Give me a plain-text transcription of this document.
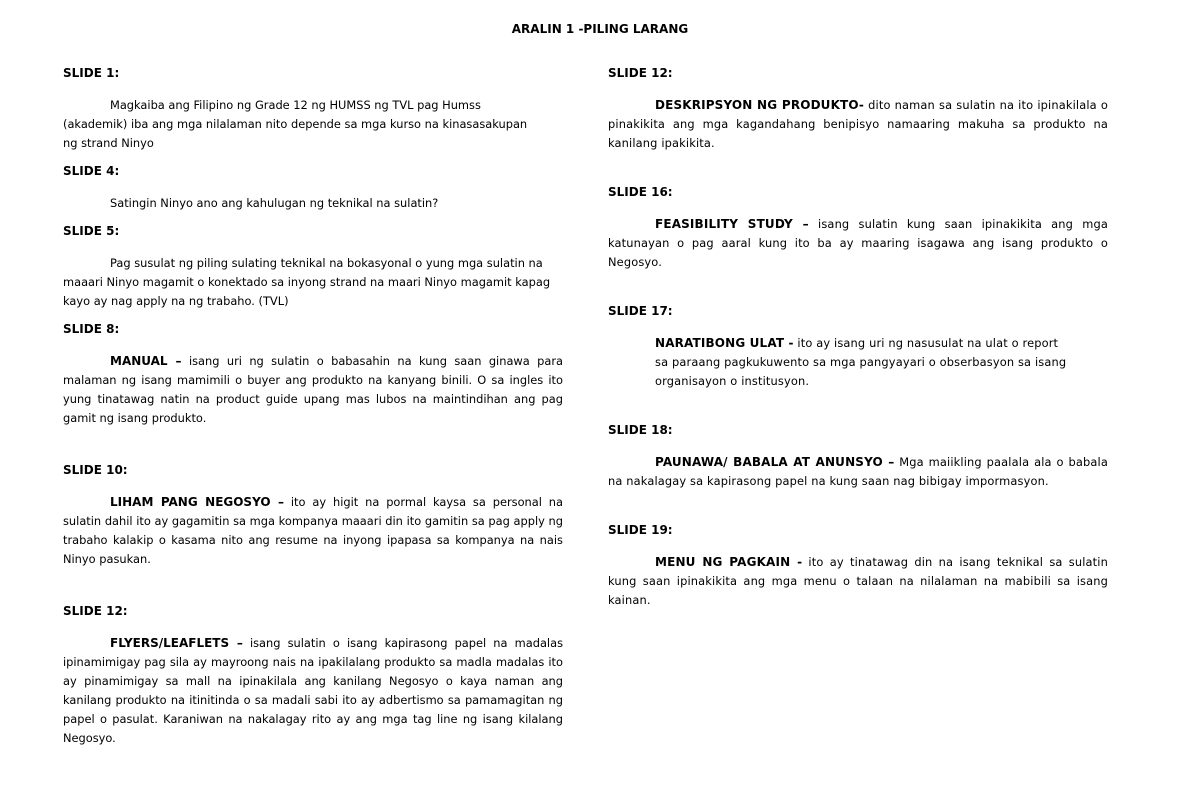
ARALIN 1 -PILING LARANG
SLIDE 1:

Magkaiba ang Filipino ng Grade 12 ng HUMSS ng TVL pag Humss (akademik) iba ang mga nilalaman nito depende sa mga kurso na kinasasakupan ng strand Ninyo

SLIDE 4:

Satingin Ninyo ano ang kahulugan ng teknikal na sulatin?

SLIDE 5:

Pag susulat ng piling sulating teknikal na bokasyonal o yung mga sulatin na maaari Ninyo magamit o konektado sa inyong strand na maari Ninyo magamit kapag kayo ay nag apply na ng trabaho. (TVL)

SLIDE 8:

MANUAL – isang uri ng sulatin o babasahin na kung saan ginawa para malaman ng isang mamimili o buyer ang produkto na kanyang binili. O sa ingles ito yung tinatawag natin na product guide upang mas lubos na maintindihan ang pag gamit ng isang produkto.

SLIDE 10:

LIHAM PANG NEGOSYO – ito ay higit na pormal kaysa sa personal na sulatin dahil ito ay gagamitin sa mga kompanya maaari din ito gamitin sa pag apply ng trabaho kalakip o kasama nito ang resume na inyong ipapasa sa kompanya na nais Ninyo pasukan.

SLIDE 12:

FLYERS/LEAFLETS – isang sulatin o isang kapirasong papel na madalas ipinamimigay pag sila ay mayroong nais na ipakilalang produkto sa madla madalas ito ay pinamimigay sa mall na ipinakilala ang kanilang Negosyo o kaya naman ang kanilang produkto na itinitinda o sa madali sabi ito ay adbertismo sa pamamagitan ng papel o pasulat. Karaniwan na nakalagay rito ay ang mga tag line ng isang kilalang Negosyo.

SLIDE 12:

DESKRIPSYON NG PRODUKTO- dito naman sa sulatin na ito ipinakilala o pinakikita ang mga kagandahang benipisyo namaaring makuha sa produkto na kanilang ipakikita.

SLIDE 16:

FEASIBILITY STUDY – isang sulatin kung saan ipinakikita ang mga katunayan o pag aaral kung ito ba ay maaring isagawa ang isang produkto o Negosyo.

SLIDE 17:

NARATIBONG ULAT - ito ay isang uri ng nasusulat na ulat o report sa paraang pagkukuwento sa mga pangyayari o obserbasyon sa isang organisayon o institusyon.

SLIDE 18:

PAUNAWA/ BABALA AT ANUNSYO – Mga maiikling paalala ala o babala na nakalagay sa kapirasong papel na kung saan nag bibigay impormasyon.

SLIDE 19:

MENU NG PAGKAIN - ito ay tinatawag din na isang teknikal sa sulatin kung saan ipinakikita ang mga menu o talaan na nilalaman na mabibili sa isang kainan.
